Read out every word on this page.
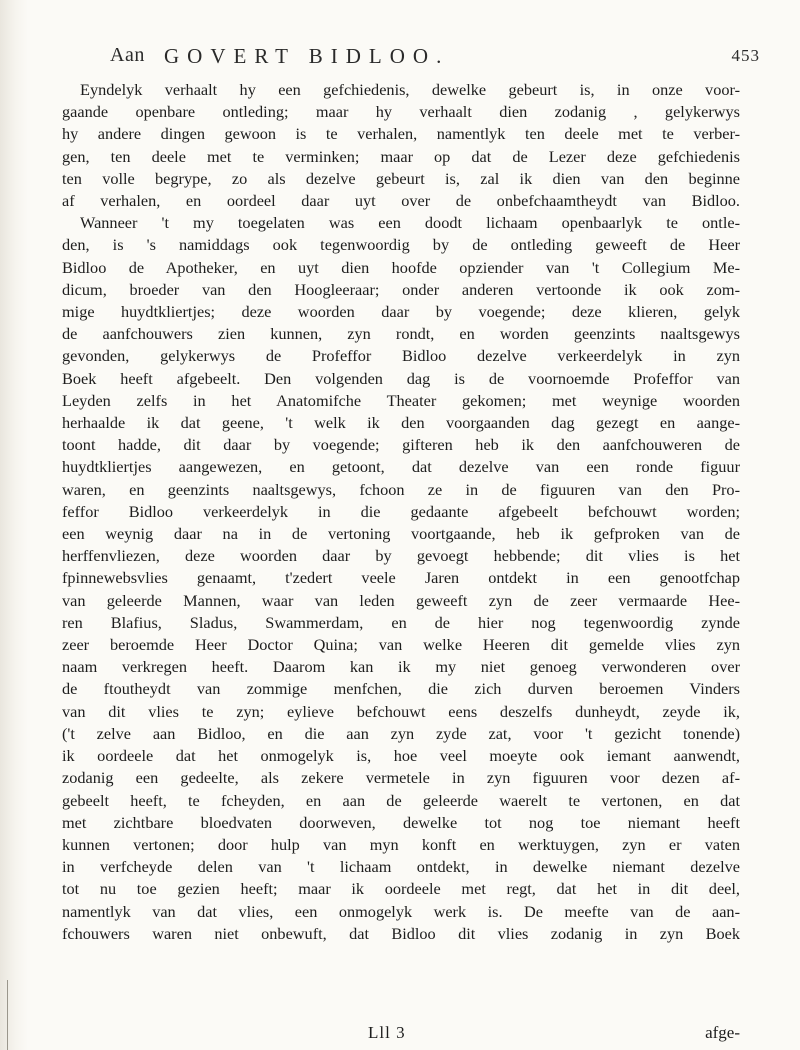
Aan GOVERT BIDLOO.	453
Eyndelyk verhaalt hy een gefchiedenis, dewelke gebeurt is, in onze voor-
gaande openbare ontleding; maar hy verhaalt dien zodanig , gelykerwys
hy andere dingen gewoon is te verhalen, namentlyk ten deele met te verber-
gen, ten deele met te verminken; maar op dat de Lezer deze gefchiedenis
ten volle begrype, zo als dezelve gebeurt is, zal ik dien van den beginne
af verhalen, en oordeel daar uyt over de onbefchaamtheydt van Bidloo.
Wanneer 't my toegelaten was een doodt lichaam openbaarlyk te ontle-
den, is 's namiddags ook tegenwoordig by de ontleding geweeft de Heer
Bidloo de Apotheker, en uyt dien hoofde opziender van 't Collegium Me-
dicum, broeder van den Hoogleeraar; onder anderen vertoonde ik ook zom-
mige huydtkliertjes; deze woorden daar by voegende; deze klieren, gelyk
de aanfchouwers zien kunnen, zyn rondt, en worden geenzints naaltsgewys
gevonden, gelykerwys de Profeffor Bidloo dezelve verkeerdelyk in zyn
Boek heeft afgebeelt. Den volgenden dag is de voornoemde Profeffor van
Leyden zelfs in het Anatomifche Theater gekomen; met weynige woorden
herhaalde ik dat geene, 't welk ik den voorgaanden dag gezegt en aange-
toont hadde, dit daar by voegende; gifteren heb ik den aanfchouweren de
huydtkliertjes aangewezen, en getoont, dat dezelve van een ronde figuur
waren, en geenzints naaltsgewys, fchoon ze in de figuuren van den Pro-
feffor Bidloo verkeerdelyk in die gedaante afgebeelt befchouwt worden;
een weynig daar na in de vertoning voortgaande, heb ik gefproken van de
herffenvliezen, deze woorden daar by gevoegt hebbende; dit vlies is het
fpinnewebsvlies genaamt, t'zedert veele Jaren ontdekt in een genootfchap
van geleerde Mannen, waar van leden geweeft zyn de zeer vermaarde Hee-
ren Blafius, Sladus, Swammerdam, en de hier nog tegenwoordig zynde
zeer beroemde Heer Doctor Quina; van welke Heeren dit gemelde vlies zyn
naam verkregen heeft. Daarom kan ik my niet genoeg verwonderen over
de ftoutheydt van zommige menfchen, die zich durven beroemen Vinders
van dit vlies te zyn; eylieve befchouwt eens deszelfs dunheydt, zeyde ik,
('t zelve aan Bidloo, en die aan zyn zyde zat, voor 't gezicht tonende)
ik oordeele dat het onmogelyk is, hoe veel moeyte ook iemant aanwendt,
zodanig een gedeelte, als zekere vermetele in zyn figuuren voor dezen af-
gebeelt heeft, te fcheyden, en aan de geleerde waerelt te vertonen, en dat
met zichtbare bloedvaten doorweven, dewelke tot nog toe niemant heeft
kunnen vertonen; door hulp van myn konft en werktuygen, zyn er vaten
in verfcheyde delen van 't lichaam ontdekt, in dewelke niemant dezelve
tot nu toe gezien heeft; maar ik oordeele met regt, dat het in dit deel,
namentlyk van dat vlies, een onmogelyk werk is. De meefte van de aan-
fchouwers waren niet onbewuft, dat Bidloo dit vlies zodanig in zyn Boek
Lll 3	afge-
